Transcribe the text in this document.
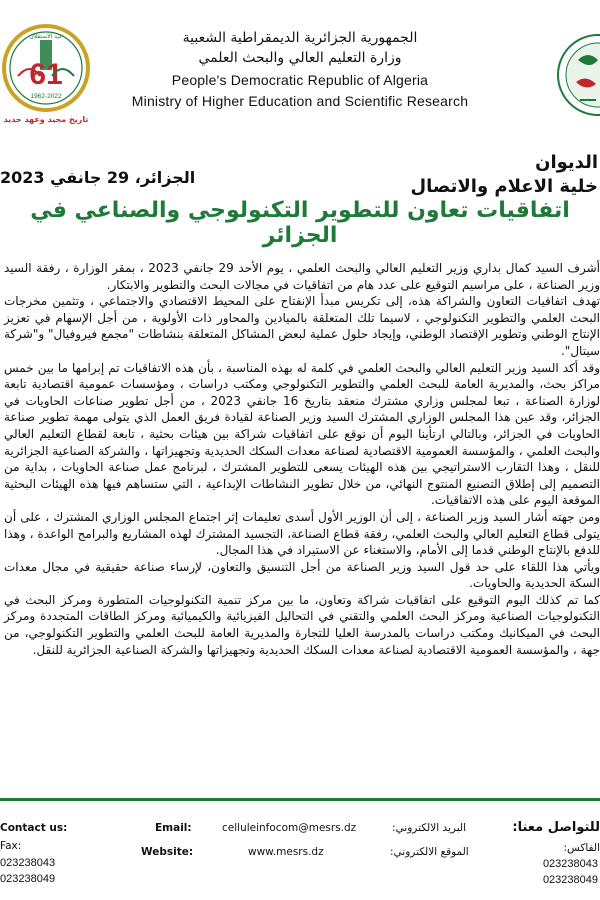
عيد الاستقلال
61
1962-2022
تاريخ مجيد وعهد جديد
الجمهورية الجزائرية الديمقراطية الشعبية
وزارة التعليم العالي والبحث العلمي
People's Democratic Republic of Algeria
Ministry of Higher Education and Scientific Research
الديوان
خلية الاعلام والاتصال
الجزائر، 29 جانفي 2023
اتفاقيات تعاون للتطوير التكنولوجي والصناعي في الجزائر

أشرف السيد كمال بداري وزير التعليم العالي والبحث العلمي ، يوم الأحد 29 جانفي 2023 ، بمقر الوزارة ، رفقة السيد وزير الصناعة ، على مراسيم التوقيع على عدد هام من اتفاقيات في مجالات البحث والتطوير والابتكار.

تهدف اتفاقيات التعاون والشراكة هذه، إلى تكريس مبدأ الإنفتاح على المحيط الاقتصادي والاجتماعي ، وتثمين مخرجات البحث العلمي والتطوير التكنولوجي ، لاسيما تلك المتعلقة بالميادين والمحاور ذات الأولوية ، من أجل الإسهام في تعزيز الإنتاج الوطني وتطوير الإقتصاد الوطني، وإيجاد حلول عملية لبعض المشاكل المتعلقة بنشاطات "مجمع فيروفيال" و"شركة سيتال".

وقد أكد السيد وزير التعليم العالي والبحث العلمي في كلمة له بهذه المناسبة ، بأن هذه الاتفاقيات تم إبرامها ما بين خمس مراكز بحث، والمديرية العامة للبحث العلمي والتطوير التكنولوجي ومكتب دراسات ، ومؤسسات عمومية اقتصادية تابعة لوزارة الصناعة ، تبعا لمجلس وزاري مشترك منعقد بتاريخ 16 جانفي 2023 ، من أجل تطوير صناعات الحاويات في الجزائر، وقد عين هذا المجلس الوزاري المشترك السيد وزير الصناعة لقيادة فريق العمل الذي يتولى مهمة تطوير صناعة الحاويات في الجزائر، وبالتالي ارتأينا اليوم أن نوقع على اتفاقيات شراكة بين هيئات بحثية ، تابعة لقطاع التعليم العالي والبحث العلمي ، والمؤسسة العمومية الاقتصادية لصناعة معدات السكك الحديدية وتجهيزاتها ، والشركة الصناعية الجزائرية للنقل ، وهذا التقارب الاستراتيجي بين هذه الهيئات يسعى للتطوير المشترك ، لبرنامج عمل صناعة الحاويات ، بداية من التصميم إلى إطلاق التصنيع المنتوج النهائي، من خلال تطوير النشاطات الإبداعية ، التي ستساهم فيها هذه الهيئات البحثية الموقعة اليوم على هذه الاتفاقيات.

ومن جهته أشار السيد وزير الصناعة ، إلى أن الوزير الأول أسدى تعليمات إثر اجتماع المجلس الوزاري المشترك ، على أن يتولى قطاع التعليم العالي والبحث العلمي، رفقة قطاع الصناعة، التجسيد المشترك لهذه المشاريع والبرامج الواعدة ، وهذا للدفع بالإنتاج الوطني قدما إلى الأمام، والاستغناء عن الاستيراد في هذا المجال.

ويأتي هذا اللقاء على حد قول السيد وزير الصناعة من أجل التنسيق والتعاون، لإرساء صناعة حقيقية في مجال معدات السكة الحديدية والحاويات.

كما تم كذلك اليوم التوقيع على اتفاقيات شراكة وتعاون، ما بين مركز تنمية التكنولوجيات المتطورة ومركز البحث في التكنولوجيات الصناعية ومركز البحث العلمي والتقني في التحاليل الفيزيائية والكيميائية ومركز الطاقات المتجددة ومركز البحث في الميكانيك ومكتب دراسات بالمدرسة العليا للتجارة والمديرية العامة للبحث العلمي والتطوير التكنولوجي، من جهة ، والمؤسسة العمومية الاقتصادية لصناعة معدات السكك الحديدية وتجهيزاتها والشركة الصناعية الجزائرية للنقل.

Contact us:
Fax:
023238043
023238049
Email:
Website:
celluleinfocom@mesrs.dz
www.mesrs.dz
البريد الالكتروني:
الموقع الالكتروني:
للتواصل معنا:
الفاكس:
023238043
023238049
